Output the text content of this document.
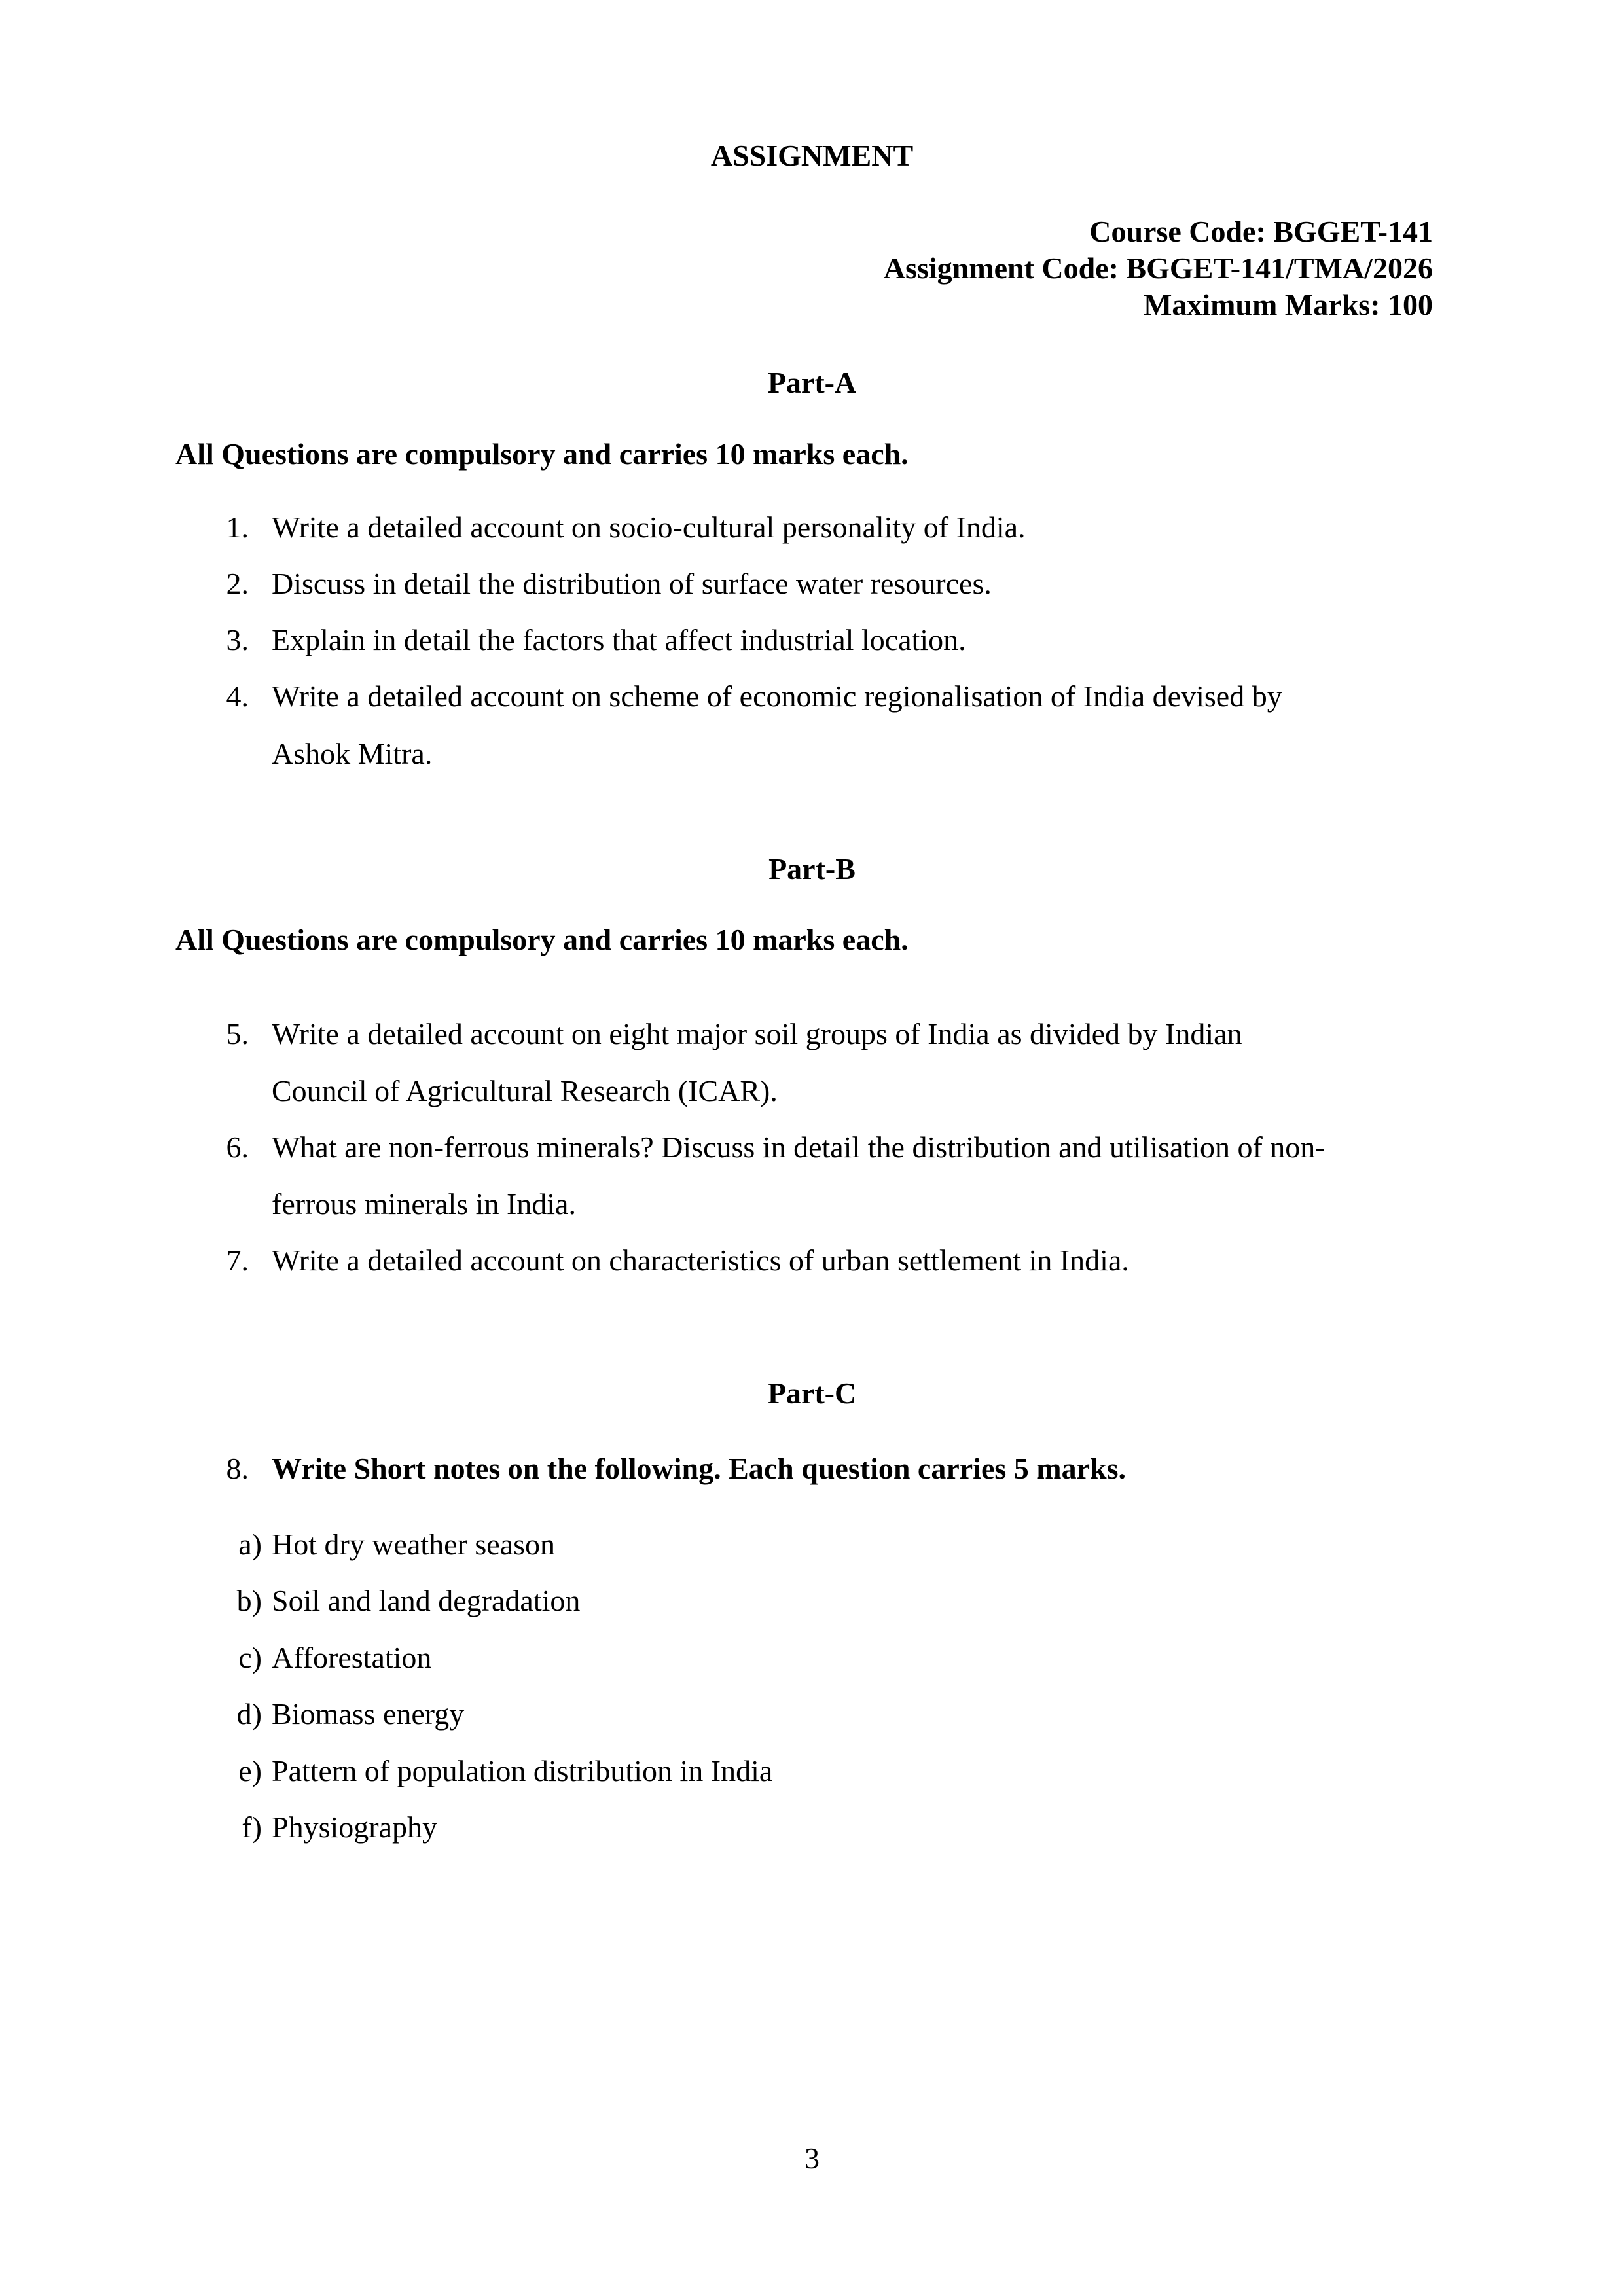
ASSIGNMENT
Course Code: BGGET-141
Assignment Code: BGGET-141/TMA/2026
Maximum Marks: 100
Part-A
All Questions are compulsory and carries 10 marks each.
1. Write a detailed account on socio-cultural personality of India.
2. Discuss in detail the distribution of surface water resources.
3. Explain in detail the factors that affect industrial location.
4. Write a detailed account on scheme of economic regionalisation of India devised by
Ashok Mitra.
Part-B
All Questions are compulsory and carries 10 marks each.
5. Write a detailed account on eight major soil groups of India as divided by Indian
Council of Agricultural Research (ICAR).
6. What are non-ferrous minerals? Discuss in detail the distribution and utilisation of non-
ferrous minerals in India.
7. Write a detailed account on characteristics of urban settlement in India.
Part-C
8. Write Short notes on the following. Each question carries 5 marks.
a) Hot dry weather season
b) Soil and land degradation
c) Afforestation
d) Biomass energy
e) Pattern of population distribution in India
f) Physiography
3
